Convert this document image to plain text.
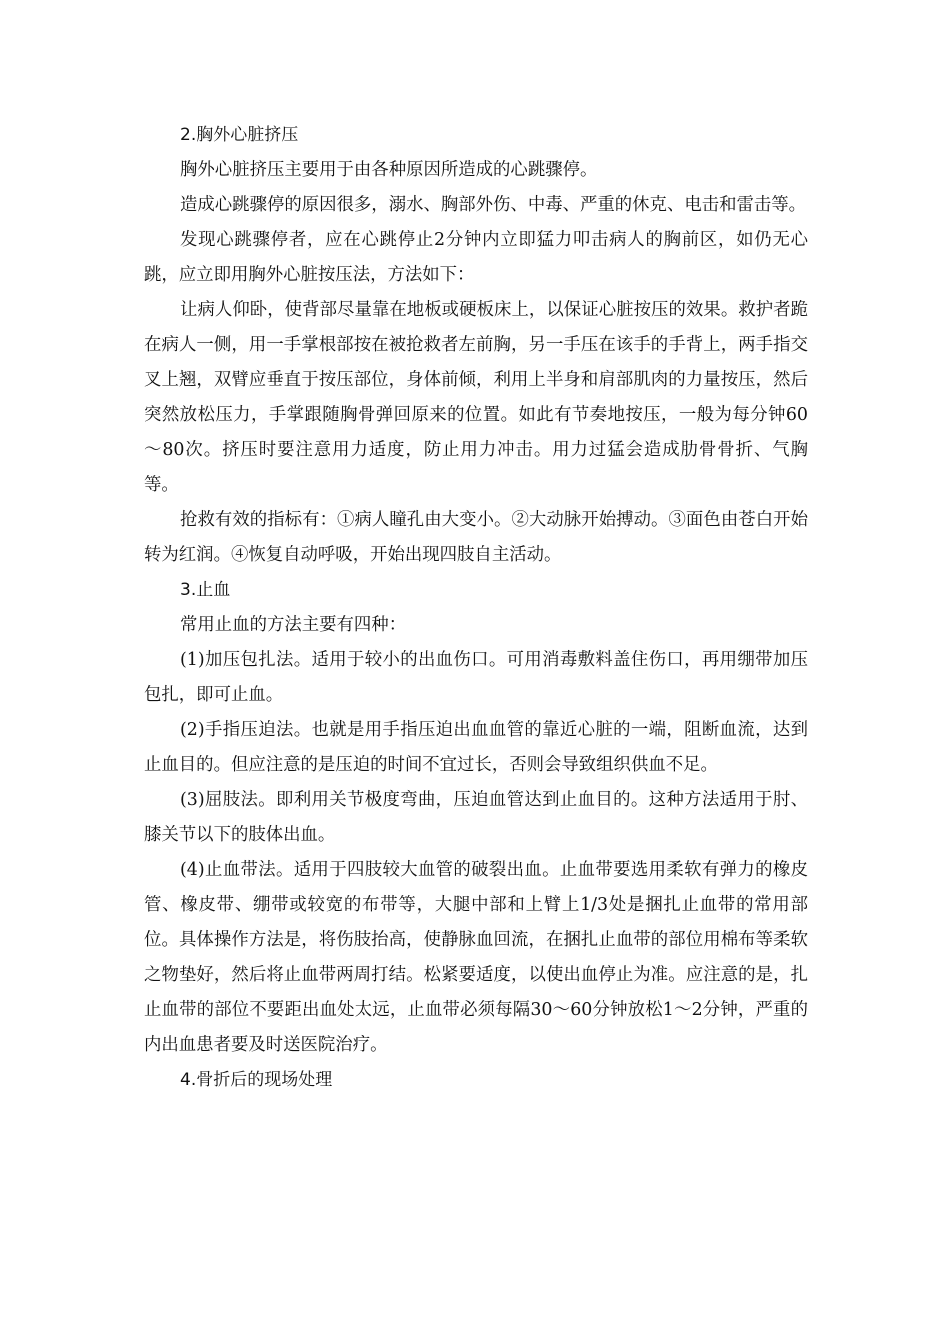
2.胸外心脏挤压

胸外心脏挤压主要用于由各种原因所造成的心跳骤停。

造成心跳骤停的原因很多，溺水、胸部外伤、中毒、严重的休克、电击和雷击等。

发现心跳骤停者，应在心跳停止2分钟内立即猛力叩击病人的胸前区，如仍无心跳，应立即用胸外心脏按压法，方法如下：

让病人仰卧，使背部尽量靠在地板或硬板床上，以保证心脏按压的效果。救护者跪在病人一侧，用一手掌根部按在被抢救者左前胸，另一手压在该手的手背上，两手指交叉上翘，双臂应垂直于按压部位，身体前倾，利用上半身和肩部肌肉的力量按压，然后突然放松压力，手掌跟随胸骨弹回原来的位置。如此有节奏地按压，一般为每分钟60～80次。挤压时要注意用力适度，防止用力冲击。用力过猛会造成肋骨骨折、气胸等。

抢救有效的指标有：①病人瞳孔由大变小。②大动脉开始搏动。③面色由苍白开始转为红润。④恢复自动呼吸，开始出现四肢自主活动。

3.止血

常用止血的方法主要有四种：

(1)加压包扎法。适用于较小的出血伤口。可用消毒敷料盖住伤口，再用绷带加压包扎，即可止血。

(2)手指压迫法。也就是用手指压迫出血血管的靠近心脏的一端，阻断血流，达到止血目的。但应注意的是压迫的时间不宜过长，否则会导致组织供血不足。

(3)屈肢法。即利用关节极度弯曲，压迫血管达到止血目的。这种方法适用于肘、膝关节以下的肢体出血。

(4)止血带法。适用于四肢较大血管的破裂出血。止血带要选用柔软有弹力的橡皮管、橡皮带、绷带或较宽的布带等，大腿中部和上臂上1/3处是捆扎止血带的常用部位。具体操作方法是，将伤肢抬高，使静脉血回流，在捆扎止血带的部位用棉布等柔软之物垫好，然后将止血带两周打结。松紧要适度，以使出血停止为准。应注意的是，扎止血带的部位不要距出血处太远，止血带必须每隔30～60分钟放松1～2分钟，严重的内出血患者要及时送医院治疗。

4.骨折后的现场处理
